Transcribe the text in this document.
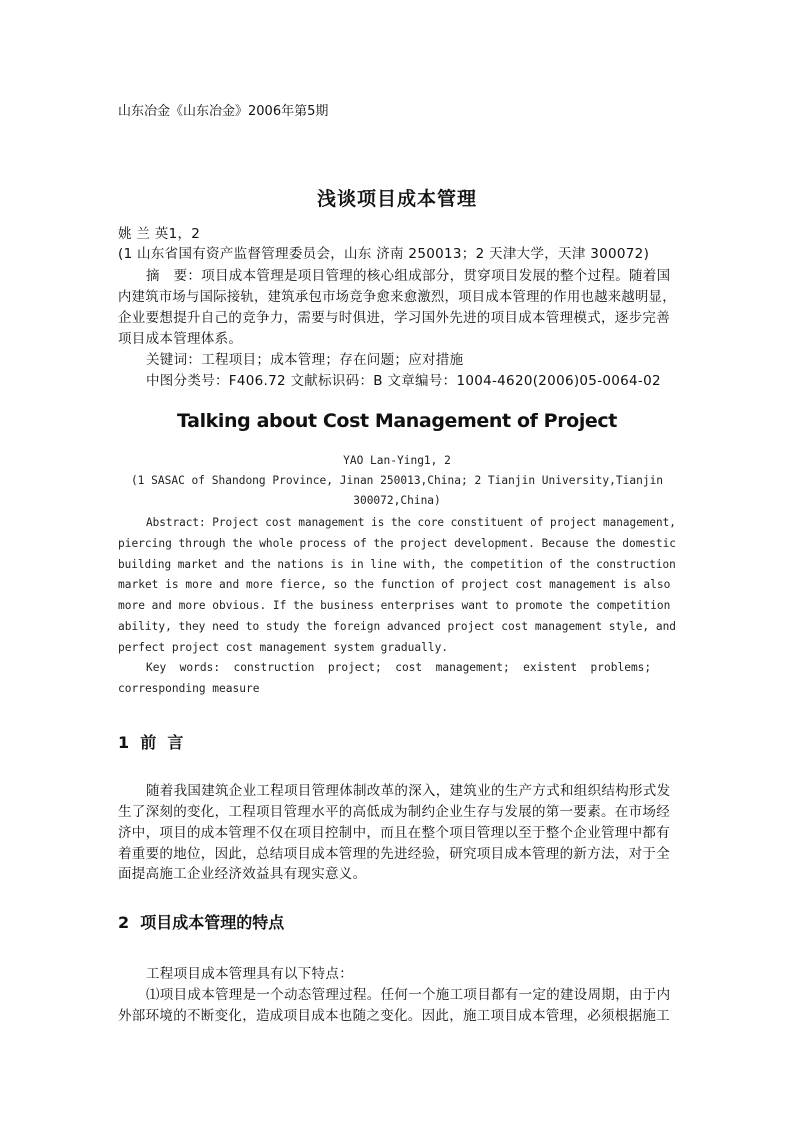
山东冶金《山东冶金》2006年第5期
浅谈项目成本管理
姚 兰 英1，2
(1 山东省国有资产监督管理委员会，山东 济南 250013；2 天津大学，天津 300072)
摘　要：项目成本管理是项目管理的核心组成部分，贯穿项目发展的整个过程。随着国
内建筑市场与国际接轨，建筑承包市场竞争愈来愈激烈，项目成本管理的作用也越来越明显，
企业要想提升自己的竞争力，需要与时俱进，学习国外先进的项目成本管理模式，逐步完善
项目成本管理体系。
关键词：工程项目；成本管理；存在问题；应对措施
中图分类号：F406.72 文献标识码：B 文章编号：1004-4620(2006)05-0064-02
Talking about Cost Management of Project
YAO Lan-Ying1, 2
(1 SASAC of Shandong Province, Jinan 250013,China; 2 Tianjin University,Tianjin
300072,China)
Abstract: Project cost management is the core constituent of project management,
piercing through the whole process of the project development. Because the domestic
building market and the nations is in line with, the competition of the construction
market is more and more fierce, so the function of project cost management is also
more and more obvious. If the business enterprises want to promote the competition
ability, they need to study the foreign advanced project cost management style, and
perfect project cost management system gradually.
Key  words:  construction  project;  cost  management;  existent  problems;
corresponding measure
1  前  言
随着我国建筑企业工程项目管理体制改革的深入，建筑业的生产方式和组织结构形式发
生了深刻的变化，工程项目管理水平的高低成为制约企业生存与发展的第一要素。在市场经
济中，项目的成本管理不仅在项目控制中，而且在整个项目管理以至于整个企业管理中都有
着重要的地位，因此，总结项目成本管理的先进经验，研究项目成本管理的新方法，对于全
面提高施工企业经济效益具有现实意义。
2  项目成本管理的特点
工程项目成本管理具有以下特点：
⑴项目成本管理是一个动态管理过程。任何一个施工项目都有一定的建设周期，由于内
外部环境的不断变化，造成项目成本也随之变化。因此，施工项目成本管理，必须根据施工
